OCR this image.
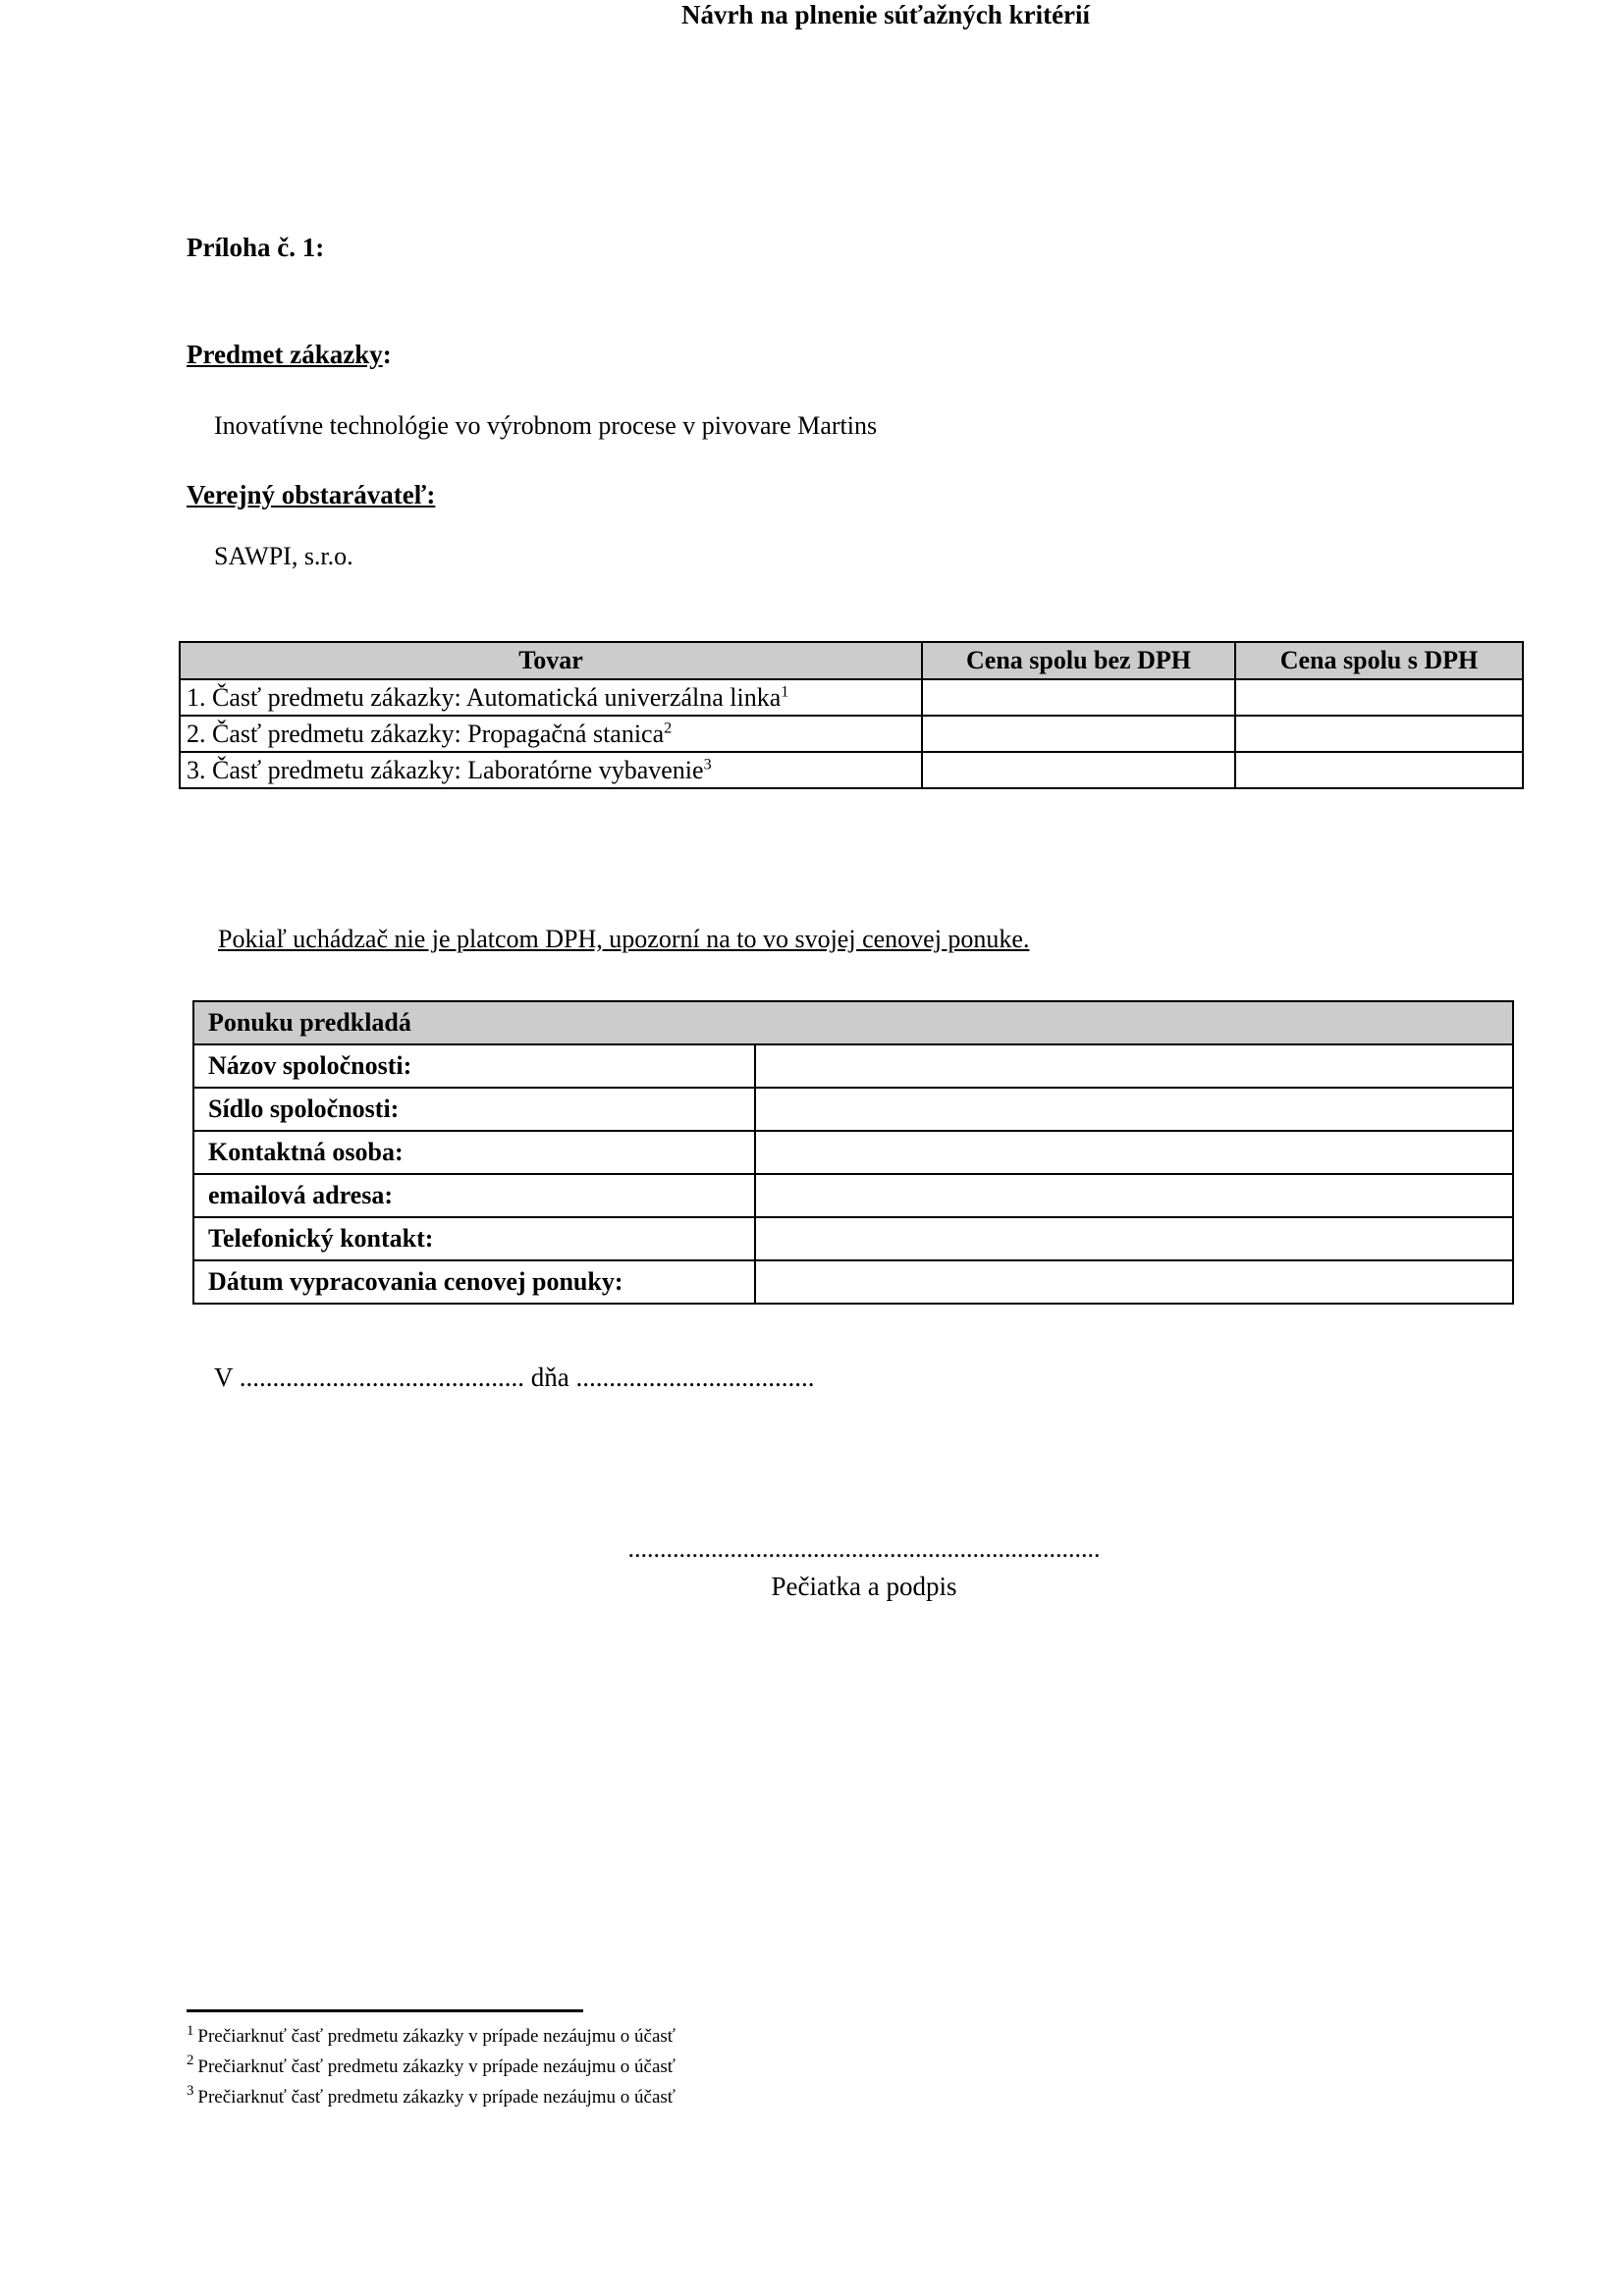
Príloha č. 1:
Návrh na plnenie súťažných kritérií
Predmet zákazky:
Inovatívne technológie vo výrobnom procese v pivovare Martins
Verejný obstarávateľ:
SAWPI, s.r.o.
Tovar	Cena spolu bez DPH	Cena spolu s DPH
1. Časť predmetu zákazky: Automatická univerzálna linka$^1$		
2. Časť predmetu zákazky: Propagačná stanica$^2$		
3. Časť predmetu zákazky: Laboratórne vybavenie$^3$		
Pokiaľ uchádzač nie je platcom DPH, upozorní na to vo svojej cenovej ponuke.
Ponuku predkladá	
Názov spoločnosti:	
Sídlo spoločnosti:	
Kontaktná osoba:	
emailová adresa:	
Telefonický kontakt:	
Dátum vypracovania cenovej ponuky:	
V ........................................... dňa ....................................
..........................................................................
Pečiatka a podpis
$^1$ Prečiarknuť časť predmetu zákazky v prípade nezáujmu o účasť
$^2$ Prečiarknuť časť predmetu zákazky v prípade nezáujmu o účasť
$^3$ Prečiarknuť časť predmetu zákazky v prípade nezáujmu o účasť
